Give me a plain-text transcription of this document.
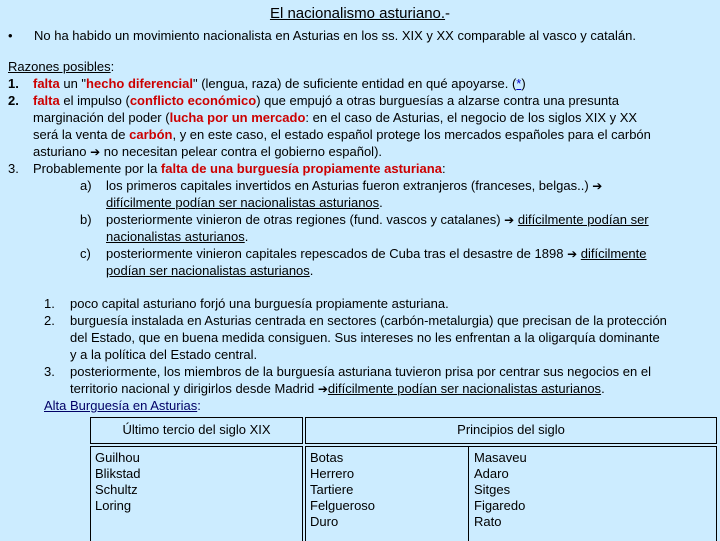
El nacionalismo asturiano.-
• No ha habido un movimiento nacionalista en Asturias en los ss. XIX y XX comparable al vasco y catalán.
Razones posibles:
1. falta un "hecho diferencial" (lengua, raza) de suficiente entidad en qué apoyarse. (*)
2. falta el impulso (conflicto económico) que empujó a otras burguesías a alzarse contra una presunta
marginación del poder (lucha por un mercado: en el caso de Asturias, el negocio de los siglos XIX y XX
será la venta de carbón, y en este caso, el estado español protege los mercados españoles para el carbón
asturiano ➔ no necesitan pelear contra el gobierno español).
3. Probablemente por la falta de una burguesía propiamente asturiana:
a) los primeros capitales invertidos en Asturias fueron extranjeros (franceses, belgas..) ➔
difícilmente podían ser nacionalistas asturianos.
b) posteriormente vinieron de otras regiones (fund. vascos y catalanes) ➔ difícilmente podían ser
nacionalistas asturianos.
c) posteriormente vinieron capitales repescados de Cuba tras el desastre de 1898 ➔ difícilmente
podían ser nacionalistas asturianos.
1. poco capital asturiano forjó una burguesía propiamente asturiana.
2. burguesía instalada en Asturias centrada en sectores (carbón-metalurgia) que precisan de la protección
del Estado, que en buena medida consiguen. Sus intereses no les enfrentan a la oligarquía dominante
y a la política del Estado central.
3. posteriormente, los miembros de la burguesía asturiana tuvieron prisa por centrar sus negocios en el
territorio nacional y dirigirlos desde Madrid ➔difícilmente podían ser nacionalistas asturianos.
Alta Burguesía en Asturias:
Último tercio del siglo XIX	Principios del siglo
Guilhou
Blikstad
Schultz
Loring
Botas
Herrero
Tartiere
Felgueroso
Duro
Masaveu
Adaro
Sitges
Figaredo
Rato
